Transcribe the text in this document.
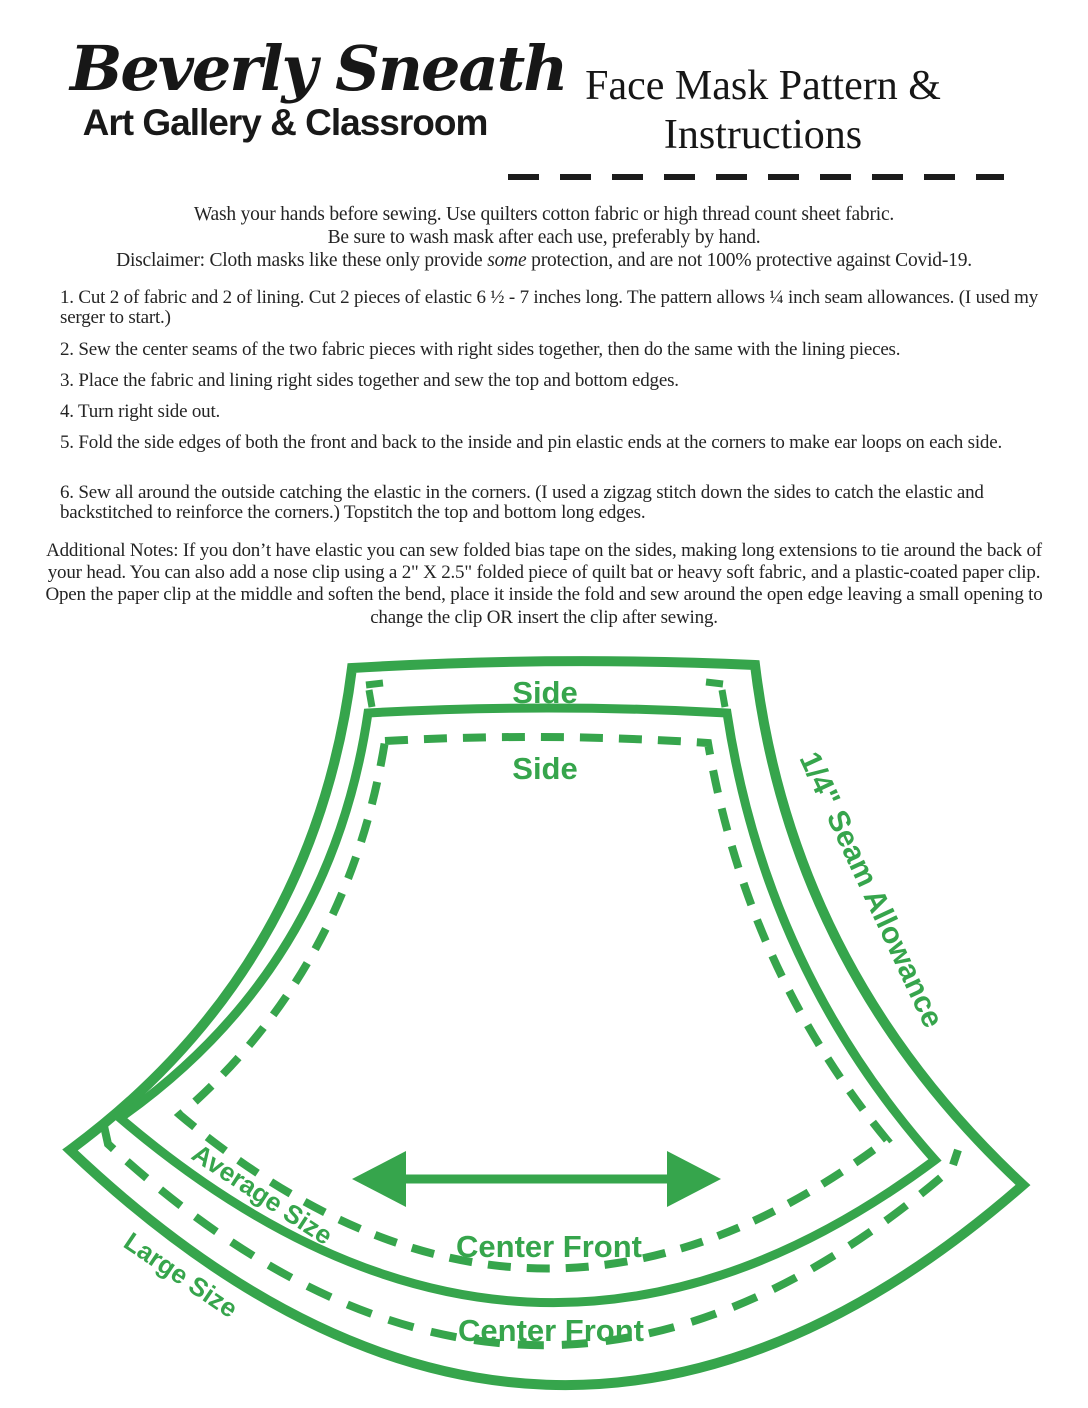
Beverly Sneath
Art Gallery & Classroom
Face Mask Pattern &
Instructions
Wash your hands before sewing. Use quilters cotton fabric or high thread count sheet fabric.
Be sure to wash mask after each use, preferably by hand.
Disclaimer: Cloth masks like these only provide some protection, and are not 100% protective against Covid-19.

1. Cut 2 of fabric and 2 of lining. Cut 2 pieces of elastic 6 ½ - 7 inches long. The pattern allows ¼ inch seam allowances. (I used my serger to start.)

2. Sew the center seams of the two fabric pieces with right sides together, then do the same with the lining pieces.

3. Place the fabric and lining right sides together and sew the top and bottom edges.

4. Turn right side out.

5. Fold the side edges of both the front and back to the inside and pin elastic ends at the corners to make ear loops on each side.

6. Sew all around the outside catching the elastic in the corners. (I used a zigzag stitch down the sides to catch the elastic and backstitched to reinforce the corners.) Topstitch the top and bottom long edges.

Additional Notes: If you don’t have elastic you can sew folded bias tape on the sides, making long extensions to tie around the back of your head. You can also add a nose clip using a 2" X 2.5" folded piece of quilt bat or heavy soft fabric, and a plastic-coated paper clip. Open the paper clip at the middle and soften the bend, place it inside the fold and sew around the open edge leaving a small opening to change the clip OR insert the clip after sewing.
Side
Side	1/4" Seam Allowance
Average Size
Large Size	Center Front
Center Front
